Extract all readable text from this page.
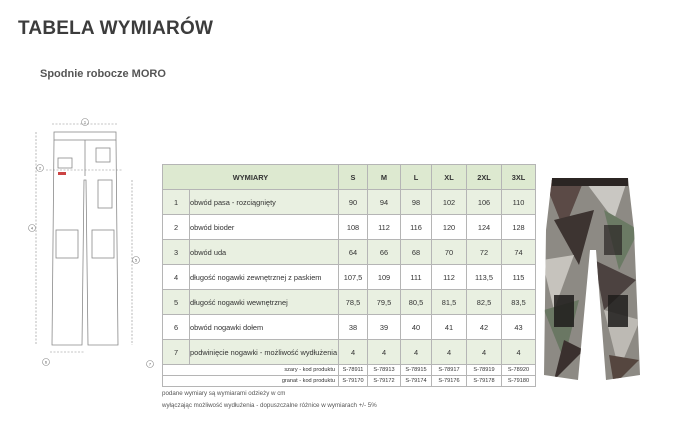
TABELA WYMIARÓW
Spodnie robocze MORO
1
2
4
5
6	7
WYMIARY		S	M	L	XL	2XL	3XL
1	obwód pasa - rozciągnięty	90	94	98	102	106	110
2	obwód bioder	108	112	116	120	124	128
3	obwód uda	64	66	68	70	72	74
4	długość nogawki zewnętrznej z paskiem	107,5	109	111	112	113,5	115
5	długość nogawki wewnętrznej	78,5	79,5	80,5	81,5	82,5	83,5
6	obwód nogawki dołem	38	39	40	41	42	43
7	podwinięcie nogawki - możliwość wydłużenia	4	4	4	4	4	4
szary - kod produktu		S-78911	S-78913	S-78915	S-78917	S-78919	S-78920
granat - kod produktu		S-79170	S-79172	S-79174	S-79176	S-79178	S-79180
podane wymiary są wymiarami odzieży w cm
wyłączając możliwość wydłużenia - dopuszczalne różnice w wymiarach +/- 5%
